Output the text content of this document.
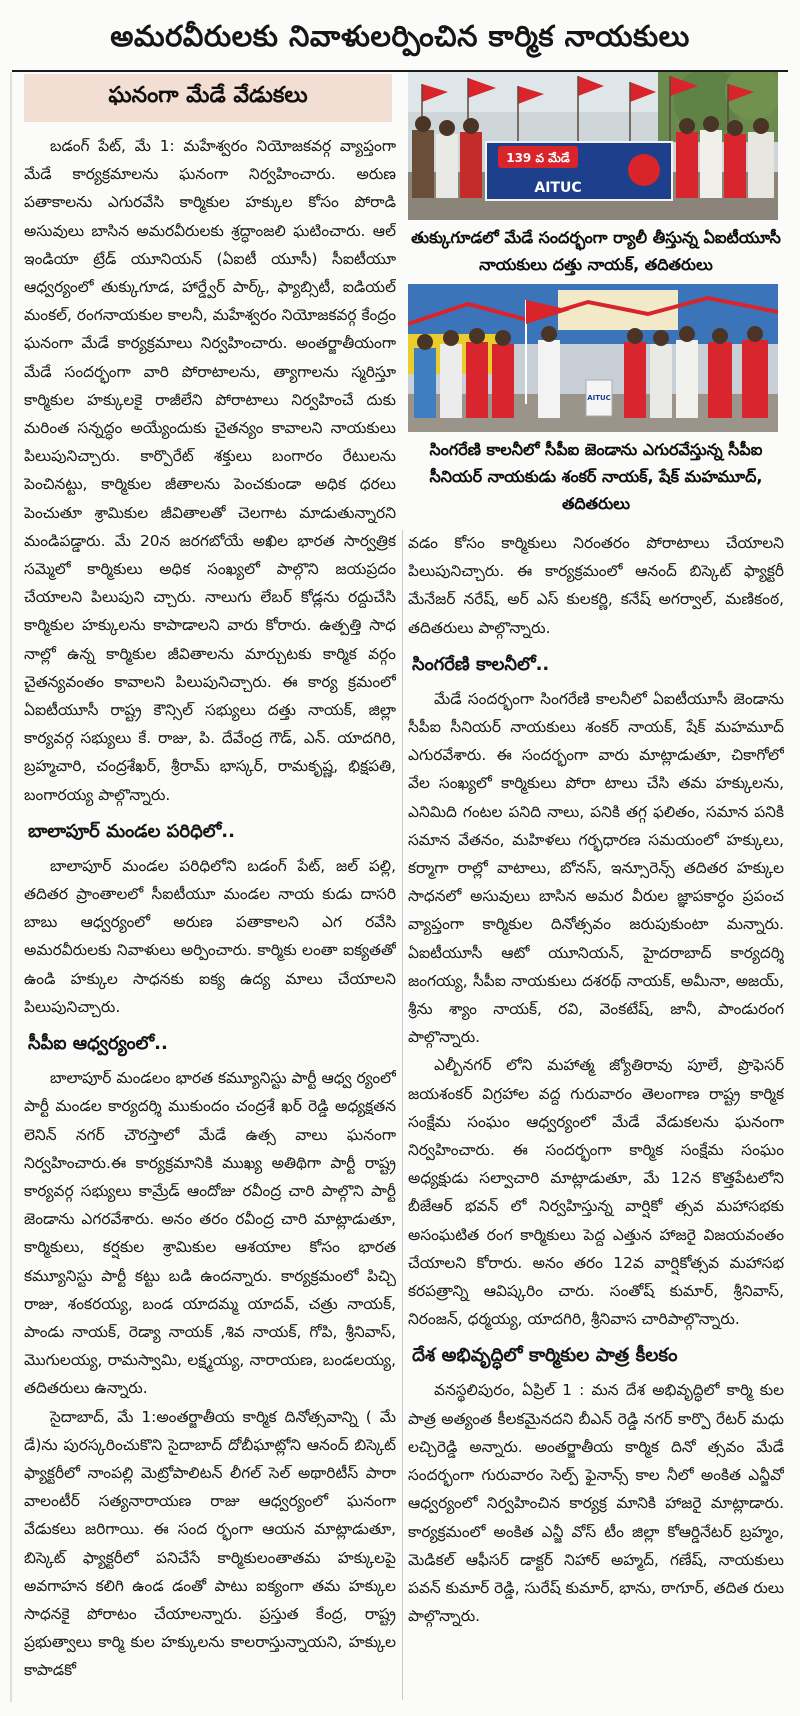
అమరవీరులకు నివాళులర్పించిన కార్మిక నాయకులు
ఘనంగా మేడే వేడుకలు

బడంగ్ పేట్, మే 1: మహేశ్వరం నియోజకవర్గ వ్యాప్తంగా మేడే కార్యక్రమాలను ఘనంగా నిర్వహించారు. అరుణ పతాకాలను ఎగురవేసి కార్మికుల హక్కుల కోసం పోరాడి అసువులు బాసిన అమరవీరులకు శ్రద్ధాంజలి ఘటించారు. ఆల్ ఇండియా ట్రేడ్ యూనియన్ (ఏఐటీ యూసీ) సీఐటీయూ ఆధ్వర్యంలో తుక్కుగూడ, హార్డ్వేర్ పార్క్, ఫ్యాబ్సిటీ, ఐడియల్ మంకల్, రంగనాయకుల కాలనీ, మహేశ్వరం నియోజకవర్గ కేంద్రం ఘనంగా మేడే కార్యక్రమాలు నిర్వహించారు. అంతర్జాతీయంగా మేడే సందర్భంగా వారి పోరాటాలను, త్యాగాలను స్మరిస్తూ కార్మికుల హక్కులకై రాజీలేని పోరాటాలు నిర్వహించే దుకు మరింత సన్నద్ధం అయ్యేందుకు చైతన్యం కావాలని నాయకులు పిలుపునిచ్చారు. కార్పొరేట్ శక్తులు బంగారం రేటులను పెంచినట్టు, కార్మికుల జీతాలను పెంచకుండా అధిక ధరలు పెంచుతూ శ్రామికుల జీవితాలతో చెలగాట మాడుతున్నారని మండిపడ్డారు. మే 20న జరగబోయే అఖిల భారత సార్వత్రిక సమ్మెలో కార్మికులు అధిక సంఖ్యలో పాల్గొని జయప్రదం చేయాలని పిలుపుని చ్చారు. నాలుగు లేబర్ కోడ్లను రద్దుచేసి కార్మికుల హక్కులను కాపాడాలని వారు కోరారు. ఉత్పత్తి సాధ నాల్లో ఉన్న కార్మికుల జీవితాలను మార్చుటకు కార్మిక వర్గం చైతన్యవంతం కావాలని పిలుపునిచ్చారు. ఈ కార్య క్రమంలో ఏఐటీయూసీ రాష్ట్ర కౌన్సిల్ సభ్యులు దత్తు నాయక్, జిల్లా కార్యవర్గ సభ్యులు కే. రాజు, పి. దేవేంద్ర గౌడ్, ఎన్. యాదగిరి, బ్రహ్మచారి, చంద్రశేఖర్, శ్రీరామ్ భాస్కర్, రామకృష్ణ, భిక్షపతి, బంగారయ్య పాల్గొన్నారు.

బాలాపూర్ మండల పరిధిలో..

బాలాపూర్ మండల పరిధిలోని బడంగ్ పేట్, జల్ పల్లి, తదితర ప్రాంతాలలో సీఐటీయూ మండల నాయ కుడు దాసరి బాబు ఆధ్వర్యంలో అరుణ పతాకాలని ఎగ రవేసి అమరవీరులకు నివాళులు అర్పించారు. కార్మికు లంతా ఐక్యతతో ఉండి హక్కుల సాధనకు ఐక్య ఉద్య మాలు చేయాలని పిలుపునిచ్చారు.

సీపీఐ ఆధ్వర్యంలో..

బాలాపూర్ మండలం భారత కమ్యూనిస్టు పార్టీ ఆధ్వ ర్యంలో పార్టీ మండల కార్యదర్శి ముకుందం చంద్రశే ఖర్ రెడ్డి అధ్యక్షతన లెనిన్ నగర్ చౌరస్తాలో మేడే ఉత్స వాలు ఘనంగా నిర్వహించారు.ఈ కార్యక్రమానికి ముఖ్య అతిథిగా పార్టీ రాష్ట్ర కార్యవర్గ సభ్యులు కామ్రేడ్ ఆందోజు రవీంద్ర చారి పాల్గొని పార్టీ జెండాను ఎగరవేశారు. అనం తరం రవీంద్ర చారి మాట్లాడుతూ, కార్మికులు, కర్షకుల శ్రామికుల ఆశయాల కోసం భారత కమ్యూనిస్టు పార్టీ కట్టు బడి ఉందన్నారు. కార్యక్రమంలో పిచ్చి రాజు, శంకరయ్య, బండ యాదమ్మ యాదవ్, చత్రు నాయక్, పాండు నాయక్, రెడ్యా నాయక్ ,శివ నాయక్, గోపి, శ్రీనివాస్, మొగులయ్య, రామస్వామి, లక్ష్మయ్య, నారాయణ, బండలయ్య, తదితరులు ఉన్నారు.

సైదాబాద్, మే 1:అంతర్జాతీయ కార్మిక దినోత్సవాన్ని ( మే డే)ను పురస్కరించుకొని సైదాబాద్ దోబీఘాట్లోని ఆనంద్ బిస్కెట్ ఫ్యాక్టరీలో నాంపల్లి మెట్రోపాలిటన్ లీగల్ సెల్ అథారిటీస్ పారా వాలంటీర్ సత్యనారాయణ రాజు ఆధ్వర్యంలో ఘనంగా వేడుకలు జరిగాయి. ఈ సంద ర్భంగా ఆయన మాట్లాడుతూ, బిస్కెట్ ఫ్యాక్టరీలో పనిచేసే కార్మికులంతాతమ హక్కులపై అవగాహన కలిగి ఉండ డంతో పాటు ఐక్యంగా తమ హక్కుల సాధనకై పోరాటం చేయాలన్నారు. ప్రస్తుత కేంద్ర, రాష్ట్ర ప్రభుత్వాలు కార్మి కుల హక్కులను కాలరాస్తున్నాయని, హక్కుల కాపాడకో

139 వ మేడే
AITUC
తుక్కుగూడలో మేడే సందర్భంగా ర్యాలీ తీస్తున్న ఏఐటీయూసీ నాయకులు దత్తు నాయక్, తదితరులు
AITUC
సింగరేణి కాలనీలో సీపీఐ జెండాను ఎగురవేస్తున్న సీపీఐ సీనియర్ నాయకుడు శంకర్ నాయక్, షేక్ మహమూద్, తదితరులు

వడం కోసం కార్మికులు నిరంతరం పోరాటాలు చేయాలని పిలుపునిచ్చారు. ఈ కార్యక్రమంలో ఆనంద్ బిస్కెట్ ఫ్యాక్టరీ మేనేజర్ నరేష్, అర్ ఎస్ కులకర్ణి, కనేష్ అగర్వాల్, మణికంఠ, తదితరులు పాల్గొన్నారు.

సింగరేణి కాలనీలో..

మేడే సందర్భంగా సింగరేణి కాలనీలో ఏఐటీయూసీ జెండాను సీపీఐ సీనియర్ నాయకులు శంకర్ నాయక్, షేక్ మహమూద్ ఎగురవేశారు. ఈ సందర్భంగా వారు మాట్లాడుతూ, చికాగోలో వేల సంఖ్యలో కార్మికులు పోరా టాలు చేసి తమ హక్కులను, ఎనిమిది గంటల పనిది నాలు, పనికి తగ్గ ఫలితం, సమాన పనికి సమాన వేతనం, మహిళలు గర్భధారణ సమయంలో హక్కులు, కర్మాగా రాల్లో వాటాలు, బోనస్, ఇన్సూరెన్స్ తదితర హక్కుల సాధనలో అసువులు బాసిన అమర వీరుల జ్ఞాపకార్ధం ప్రపంచ వ్యాప్తంగా కార్మికుల దినోత్సవం జరుపుకుంటా మన్నారు. ఏఐటీయూసీ ఆటో యూనియన్, హైదరాబాద్ కార్యదర్శి జంగయ్య, సీపీఐ నాయకులు దశరథ్ నాయక్, అమీనా, అజయ్, శ్రీను శ్యాం నాయక్, రవి, వెంకటేష్, జానీ, పాండురంగ పాల్గొన్నారు.

ఎల్బీనగర్ లోని మహాత్మ జ్యోతిరావు పూలే, ప్రొఫెసర్ జయశంకర్ విగ్రహాల వద్ద గురువారం తెలంగాణ రాష్ట్ర కార్మిక సంక్షేమ సంఘం ఆధ్వర్యంలో మేడే వేడుకలను ఘనంగా నిర్వహించారు. ఈ సందర్భంగా కార్మిక సంక్షేమ సంఘం అధ్యక్షుడు సల్వాచారి మాట్లాడుతూ, మే 12న కొత్తపేటలోని బీజేఆర్ భవన్ లో నిర్వహిస్తున్న వార్షికో త్సవ మహాసభకు అసంఘటిత రంగ కార్మికులు పెద్ద ఎత్తున హాజరై విజయవంతం చేయాలని కోరారు. అనం తరం 12వ వార్షికోత్సవ మహాసభ కరపత్రాన్ని ఆవిష్కరిం చారు. సంతోష్ కుమార్, శ్రీనివాస్, నిరంజన్, ధర్మయ్య, యాదగిరి, శ్రీనివాస చారిపాల్గొన్నారు.

దేశ అభివృద్ధిలో కార్మికుల పాత్ర కీలకం

వనస్థలిపురం, ఏప్రిల్ 1 : మన దేశ అభివృద్ధిలో కార్మి కుల పాత్ర అత్యంత కీలకమైనదని బీఎన్ రెడ్డి నగర్ కార్పొ రేటర్ మధు లచ్చిరెడ్డి అన్నారు. అంతర్జాతీయ కార్మిక దినో త్సవం మేడే సందర్భంగా గురువారం సెల్ప్ ఫైనాన్స్ కాల నీలో అంకిత ఎన్జీవో ఆధ్వర్యంలో నిర్వహించిన కార్యక్ర మానికి హాజరై మాట్లాడారు. కార్యక్రమంలో అంకిత ఎన్జీ వోస్ టీం జిల్లా కోఆర్డినేటర్ బ్రహ్మం, మెడికల్ ఆఫీసర్ డాక్టర్ నిహార్ అహ్మద్, గణేష్, నాయకులు పవన్ కుమార్ రెడ్డి, సురేష్ కుమార్, భాను, ఠాగూర్, తదిత రులు పాల్గొన్నారు.
